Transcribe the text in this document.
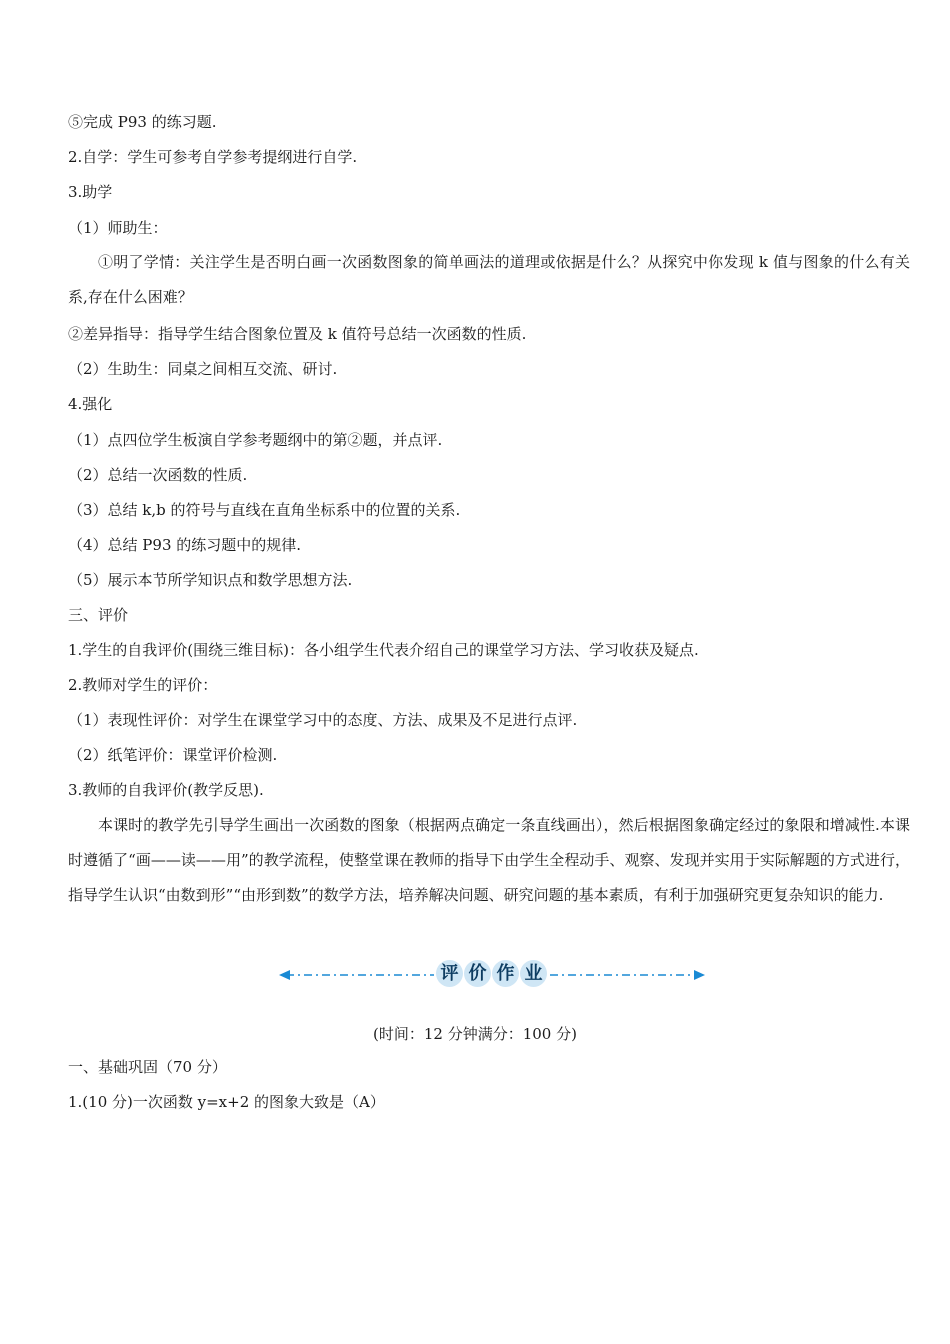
⑤完成 P93 的练习题.
2.自学：学生可参考自学参考提纲进行自学.
3.助学
（1）师助生：
①明了学情：关注学生是否明白画一次函数图象的简单画法的道理或依据是什么？从探究中你发现 k 值与图象的什么有关系,存在什么困难？
②差异指导：指导学生结合图象位置及 k 值符号总结一次函数的性质.
（2）生助生：同桌之间相互交流、研讨.
4.强化
（1）点四位学生板演自学参考题纲中的第②题，并点评.
（2）总结一次函数的性质.
（3）总结 k,b 的符号与直线在直角坐标系中的位置的关系.
（4）总结 P93 的练习题中的规律.
（5）展示本节所学知识点和数学思想方法.
三、评价
1.学生的自我评价(围绕三维目标)：各小组学生代表介绍自己的课堂学习方法、学习收获及疑点.
2.教师对学生的评价：
（1）表现性评价：对学生在课堂学习中的态度、方法、成果及不足进行点评.
（2）纸笔评价：课堂评价检测.
3.教师的自我评价(教学反思).
本课时的教学先引导学生画出一次函数的图象（根据两点确定一条直线画出），然后根据图象确定经过的象限和增减性.本课时遵循了“画——读——用”的教学流程，使整堂课在教师的指导下由学生全程动手、观察、发现并实用于实际解题的方式进行，指导学生认识“由数到形”“由形到数”的数学方法，培养解决问题、研究问题的基本素质，有利于加强研究更复杂知识的能力.
评 价 作 业
(时间：12 分钟满分：100 分)
一、基础巩固（70 分）
1.(10 分)一次函数 y=x+2 的图象大致是（A）
